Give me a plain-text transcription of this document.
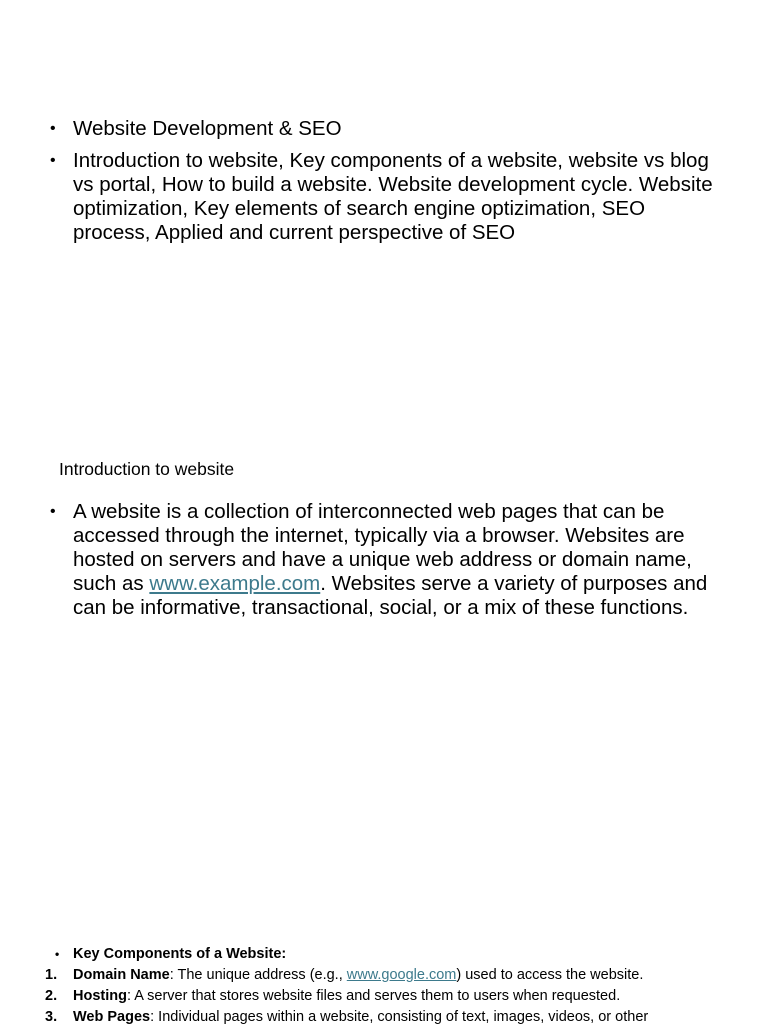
• Website Development & SEO
• Introduction to website, Key components of a website, website vs blog vs portal, How to build a website. Website development cycle. Website optimization, Key elements of search engine optizimation, SEO process, Applied and current perspective of SEO
Introduction to website
• A website is a collection of interconnected web pages that can be accessed through the internet, typically via a browser. Websites are hosted on servers and have a unique web address or domain name, such as www.example.com. Websites serve a variety of purposes and can be informative, transactional, social, or a mix of these functions.
• Key Components of a Website:
1. Domain Name: The unique address (e.g., www.google.com) used to access the website.
2. Hosting: A server that stores website files and serves them to users when requested.
3. Web Pages: Individual pages within a website, consisting of text, images, videos, or other
